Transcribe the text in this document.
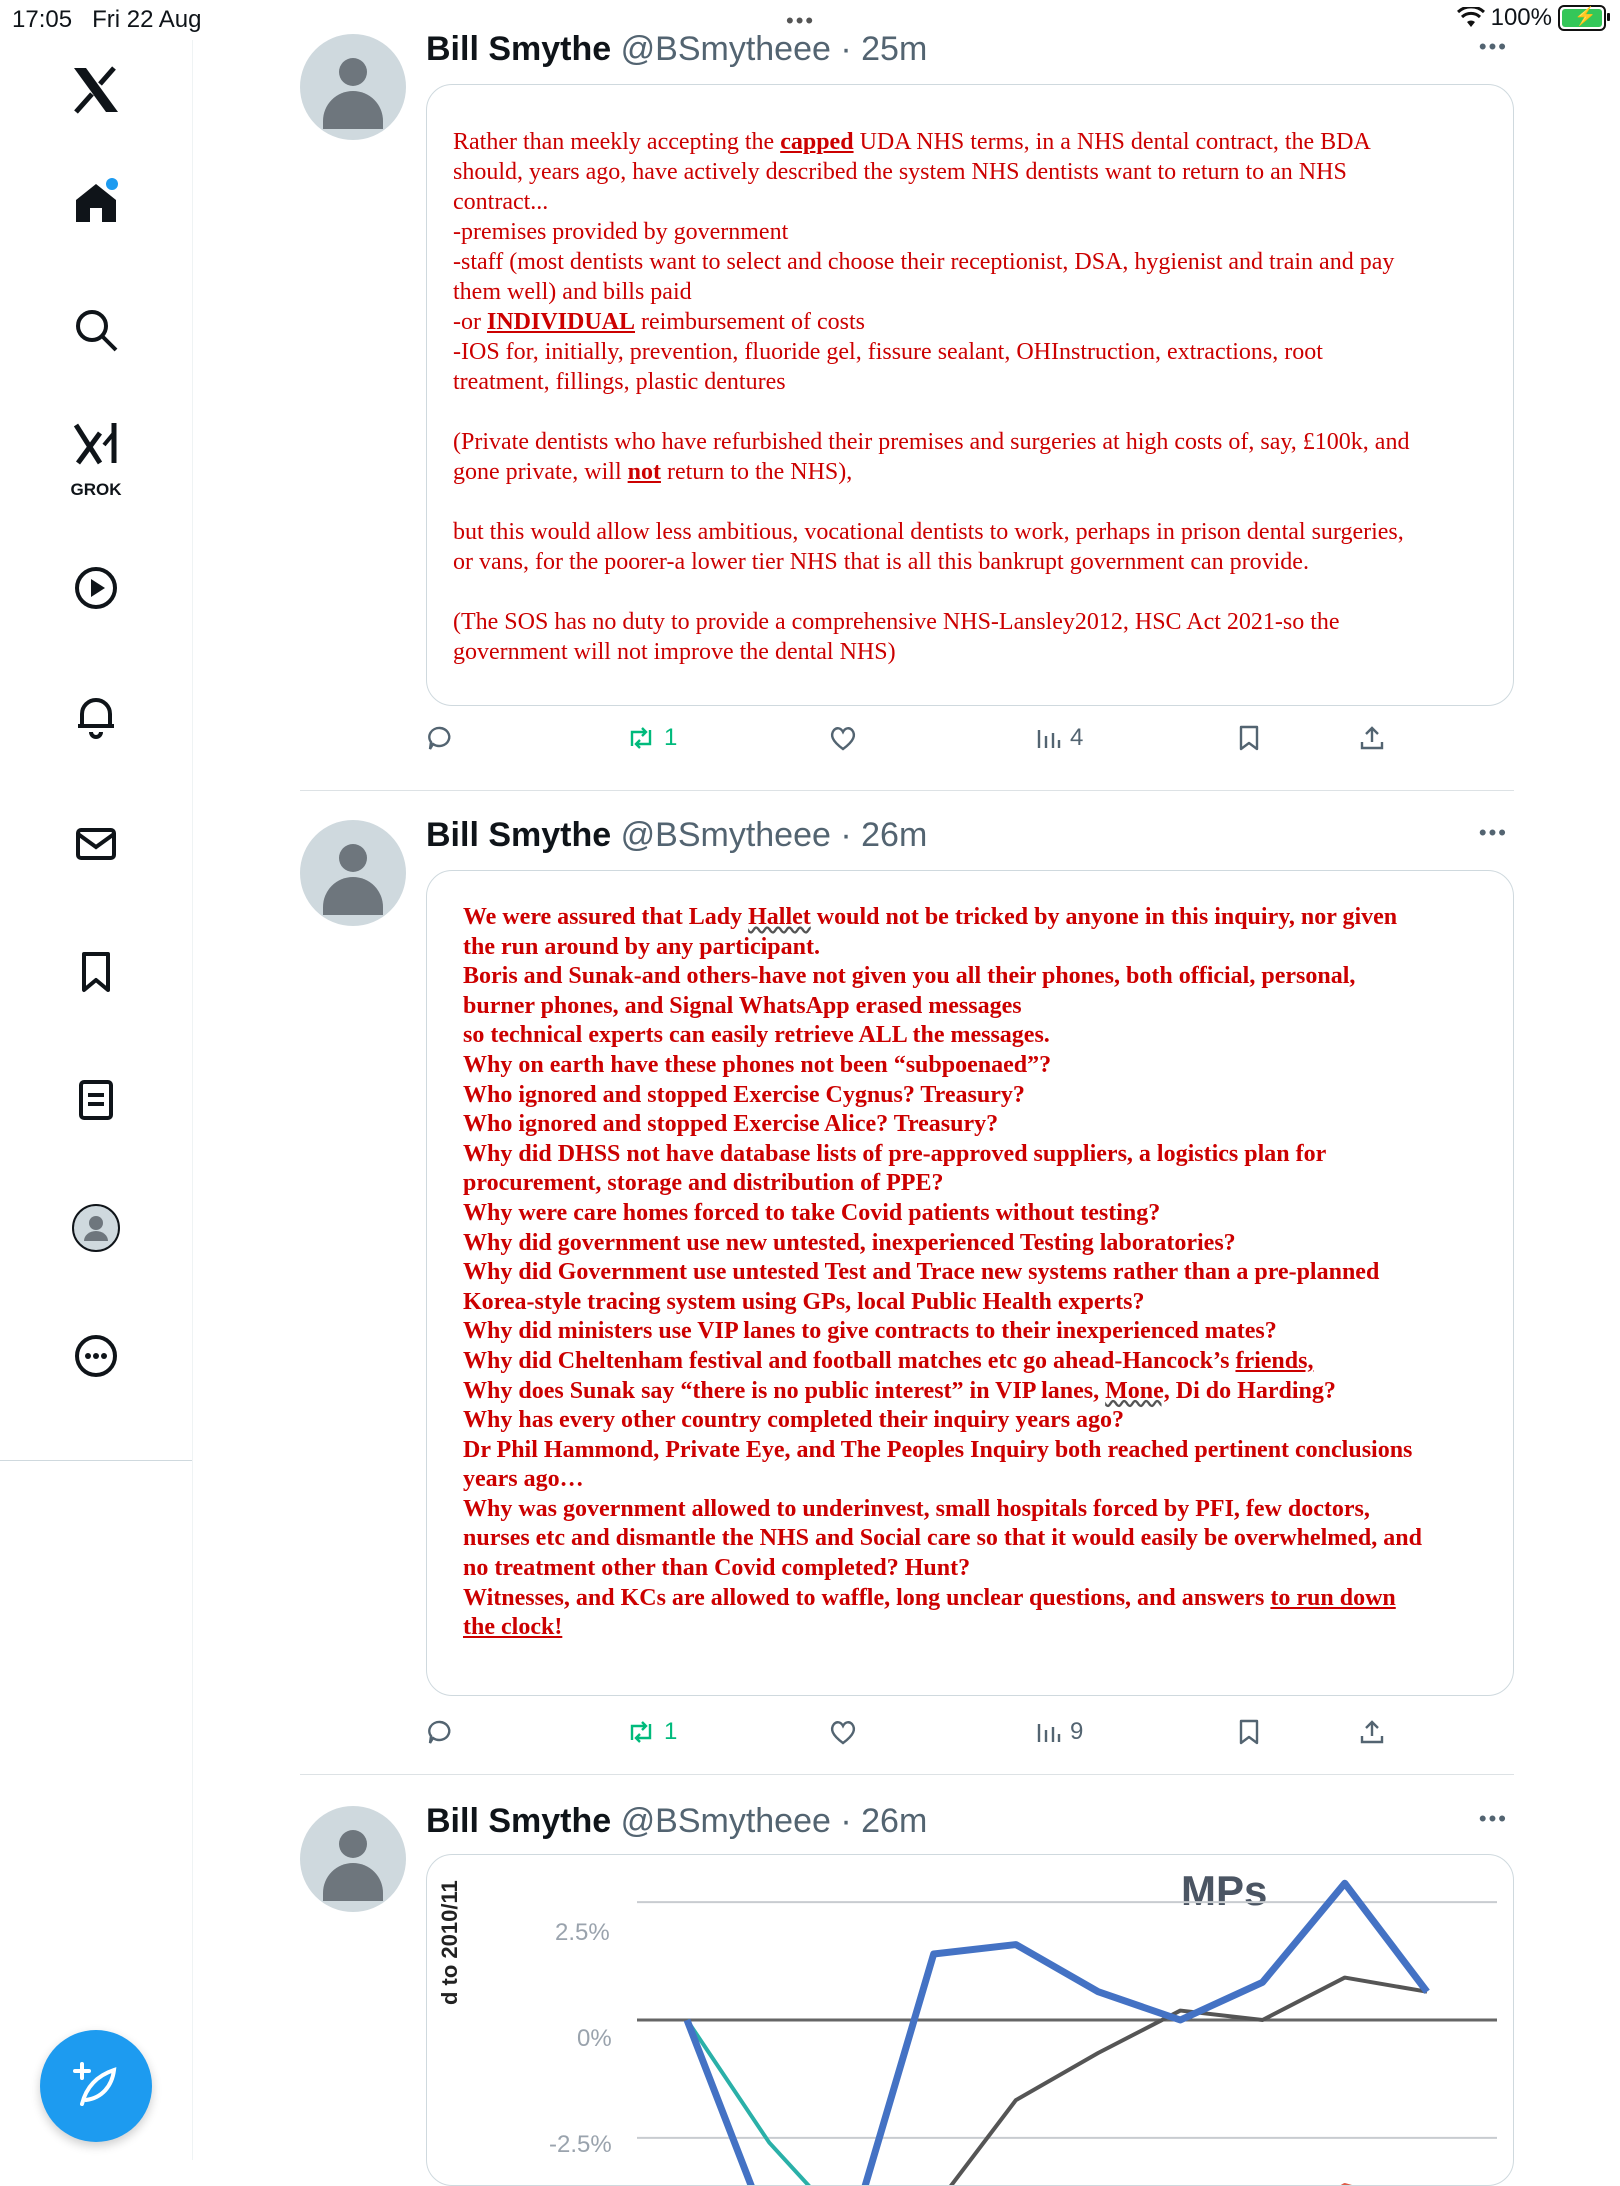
17:05 Fri 22 Aug	•••	100% ⚡
GROK
Bill Smythe @BSmytheee · 25m	•••

Rather than meekly accepting the capped UDA NHS terms, in a NHS dental contract, the BDA

should, years ago, have actively described the system NHS dentists want to return to an NHS

contract...

-premises provided by government

-staff (most dentists want to select and choose their receptionist, DSA, hygienist and train and pay

them well) and bills paid

-or INDIVIDUAL reimbursement of costs

-IOS for, initially, prevention, fluoride gel, fissure sealant, OHInstruction, extractions, root

treatment, fillings, plastic dentures

(Private dentists who have refurbished their premises and surgeries at high costs of, say, £100k, and

gone private, will not return to the NHS),

but this would allow less ambitious, vocational dentists to work, perhaps in prison dental surgeries,

or vans, for the poorer-a lower tier NHS that is all this bankrupt government can provide.

(The SOS has no duty to provide a comprehensive NHS-Lansley2012, HSC Act 2021-so the

government will not improve the dental NHS)

1	4
Bill Smythe @BSmytheee · 26m	•••

We were assured that Lady Hallet would not be tricked by anyone in this inquiry, nor given

the run around by any participant.

Boris and Sunak-and others-have not given you all their phones, both official, personal,

burner phones, and Signal WhatsApp erased messages

so technical experts can easily retrieve ALL the messages.

Why on earth have these phones not been “subpoenaed”?

Who ignored and stopped Exercise Cygnus? Treasury?

Who ignored and stopped Exercise Alice? Treasury?

Why did DHSS not have database lists of pre-approved suppliers, a logistics plan for

procurement, storage and distribution of PPE?

Why were care homes forced to take Covid patients without testing?

Why did government use new untested, inexperienced Testing laboratories?

Why did Government use untested Test and Trace new systems rather than a pre-planned

Korea-style tracing system using GPs, local Public Health experts?

Why did ministers use VIP lanes to give contracts to their inexperienced mates?

Why did Cheltenham festival and football matches etc go ahead-Hancock’s friends,

Why does Sunak say “there is no public interest” in VIP lanes, Mone, Di do Harding?

Why has every other country completed their inquiry years ago?

Dr Phil Hammond, Private Eye, and The Peoples Inquiry both reached pertinent conclusions

years ago…

Why was government allowed to underinvest, small hospitals forced by PFI, few doctors,

nurses etc and dismantle the NHS and Social care so that it would easily be overwhelmed, and

no treatment other than Covid completed? Hunt?

Witnesses, and KCs are allowed to waffle, long unclear questions, and answers to run down

the clock!

1	9
Bill Smythe @BSmytheee · 26m	•••
MPs
d to 2010/11	2.5%
0%
-2.5%
